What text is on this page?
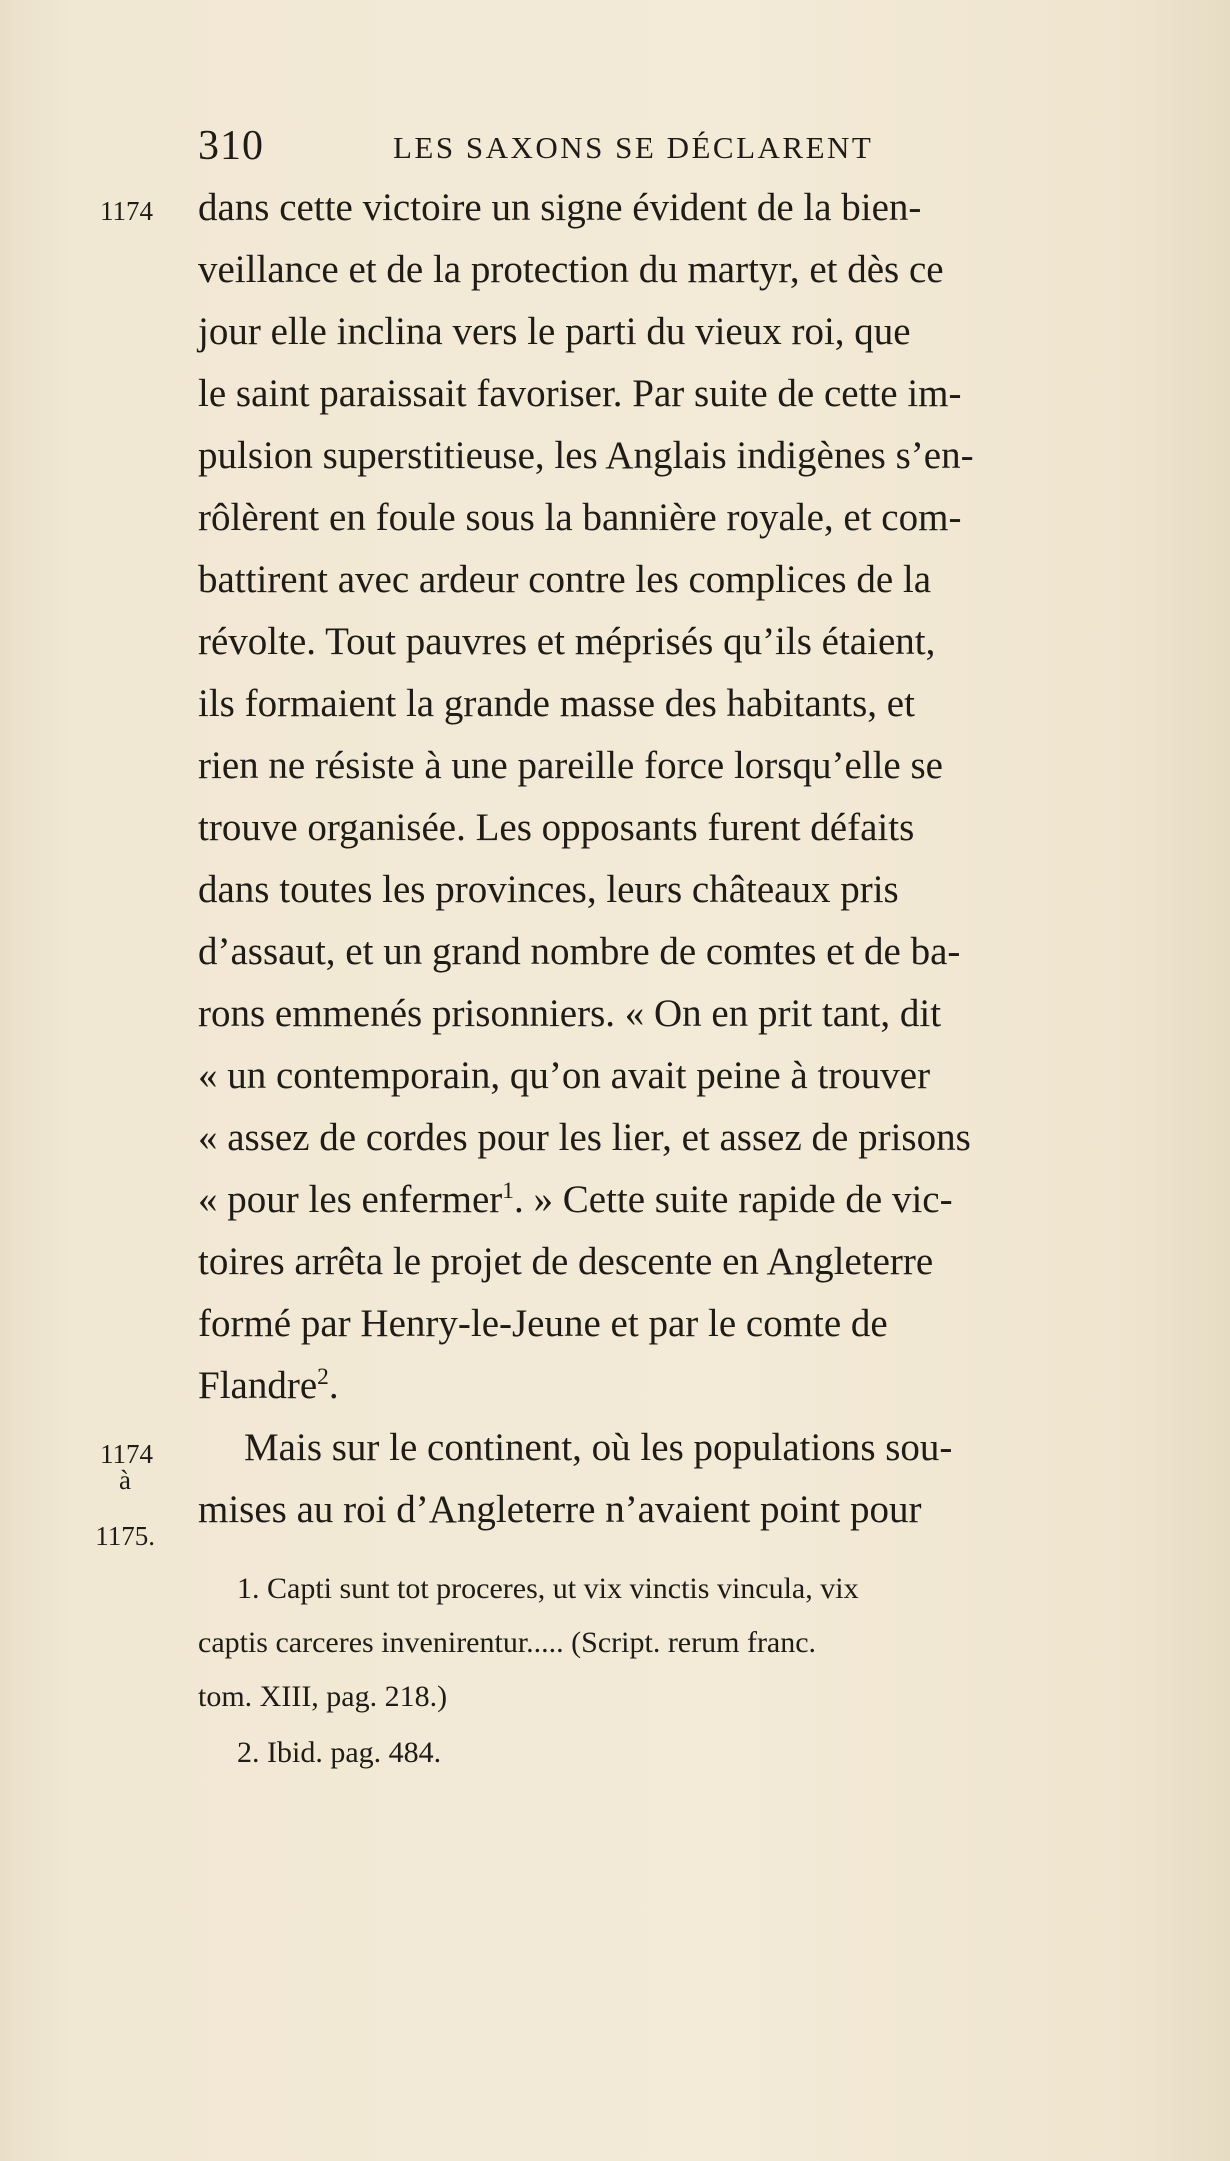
310	LES SAXONS SE DÉCLARENT
1174
1174
à
1175.
dans cette victoire un signe évident de la bien-
veillance et de la protection du martyr, et dès ce
jour elle inclina vers le parti du vieux roi, que
le saint paraissait favoriser. Par suite de cette im-
pulsion superstitieuse, les Anglais indigènes s’en-
rôlèrent en foule sous la bannière royale, et com-
battirent avec ardeur contre les complices de la
révolte. Tout pauvres et méprisés qu’ils étaient,
ils formaient la grande masse des habitants, et
rien ne résiste à une pareille force lorsqu’elle se
trouve organisée. Les opposants furent défaits
dans toutes les provinces, leurs châteaux pris
d’assaut, et un grand nombre de comtes et de ba-
rons emmenés prisonniers. « On en prit tant, dit
« un contemporain, qu’on avait peine à trouver
« assez de cordes pour les lier, et assez de prisons
« pour les enfermer$^1$. » Cette suite rapide de vic-
toires arrêta le projet de descente en Angleterre
formé par Henry-le-Jeune et par le comte de
Flandre$^2$.
Mais sur le continent, où les populations sou-
mises au roi d’Angleterre n’avaient point pour
1. Capti sunt tot proceres, ut vix vinctis vincula, vix
captis carceres invenirentur..... (Script. rerum franc.
tom. XIII, pag. 218.)
2. Ibid. pag. 484.
